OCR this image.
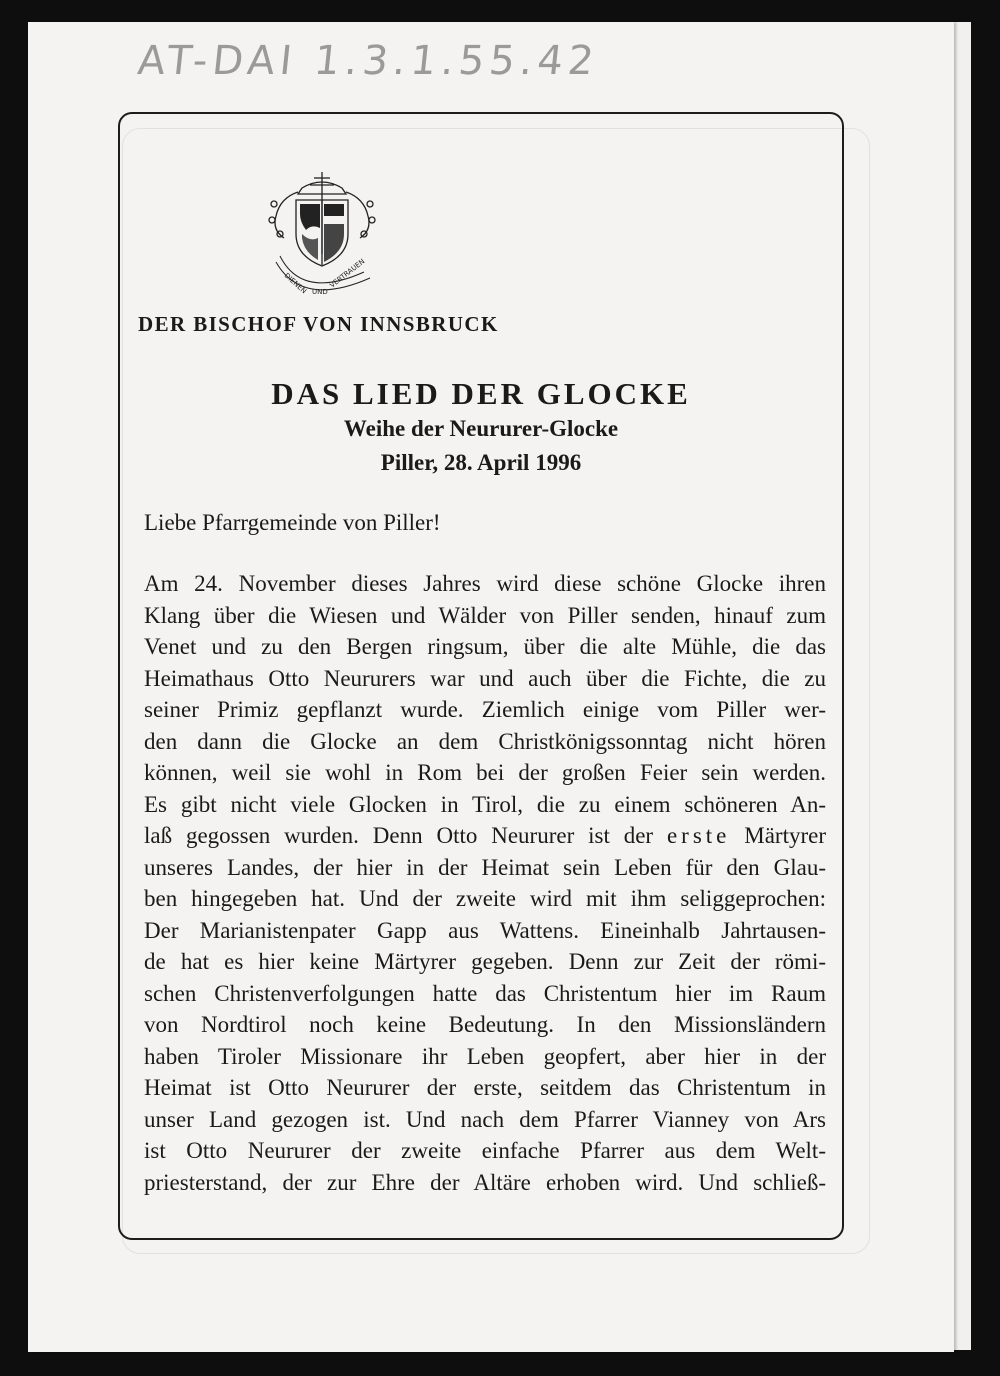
AT-DAI 1.3.1.55.42
DIENEN UND
VERTRAUEN
DER BISCHOF VON INNSBRUCK
DAS LIED DER GLOCKE
Weihe der Neururer-Glocke
Piller, 28. April 1996
Liebe Pfarrgemeinde von Piller!
Am 24. November dieses Jahres wird diese schöne Glocke ihren
Klang über die Wiesen und Wälder von Piller senden, hinauf zum
Venet und zu den Bergen ringsum, über die alte Mühle, die das
Heimathaus Otto Neururers war und auch über die Fichte, die zu
seiner Primiz gepflanzt wurde. Ziemlich einige vom Piller wer-
den dann die Glocke an dem Christkönigssonntag nicht hören
können, weil sie wohl in Rom bei der großen Feier sein werden.
Es gibt nicht viele Glocken in Tirol, die zu einem schöneren An-
laß gegossen wurden. Denn Otto Neururer ist der erste Märtyrer
unseres Landes, der hier in der Heimat sein Leben für den Glau-
ben hingegeben hat. Und der zweite wird mit ihm seliggeprochen:
Der Marianistenpater Gapp aus Wattens. Eineinhalb Jahrtausen-
de hat es hier keine Märtyrer gegeben. Denn zur Zeit der römi-
schen Christenverfolgungen hatte das Christentum hier im Raum
von Nordtirol noch keine Bedeutung. In den Missionsländern
haben Tiroler Missionare ihr Leben geopfert, aber hier in der
Heimat ist Otto Neururer der erste, seitdem das Christentum in
unser Land gezogen ist. Und nach dem Pfarrer Vianney von Ars
ist Otto Neururer der zweite einfache Pfarrer aus dem Welt-
priesterstand, der zur Ehre der Altäre erhoben wird. Und schließ-
